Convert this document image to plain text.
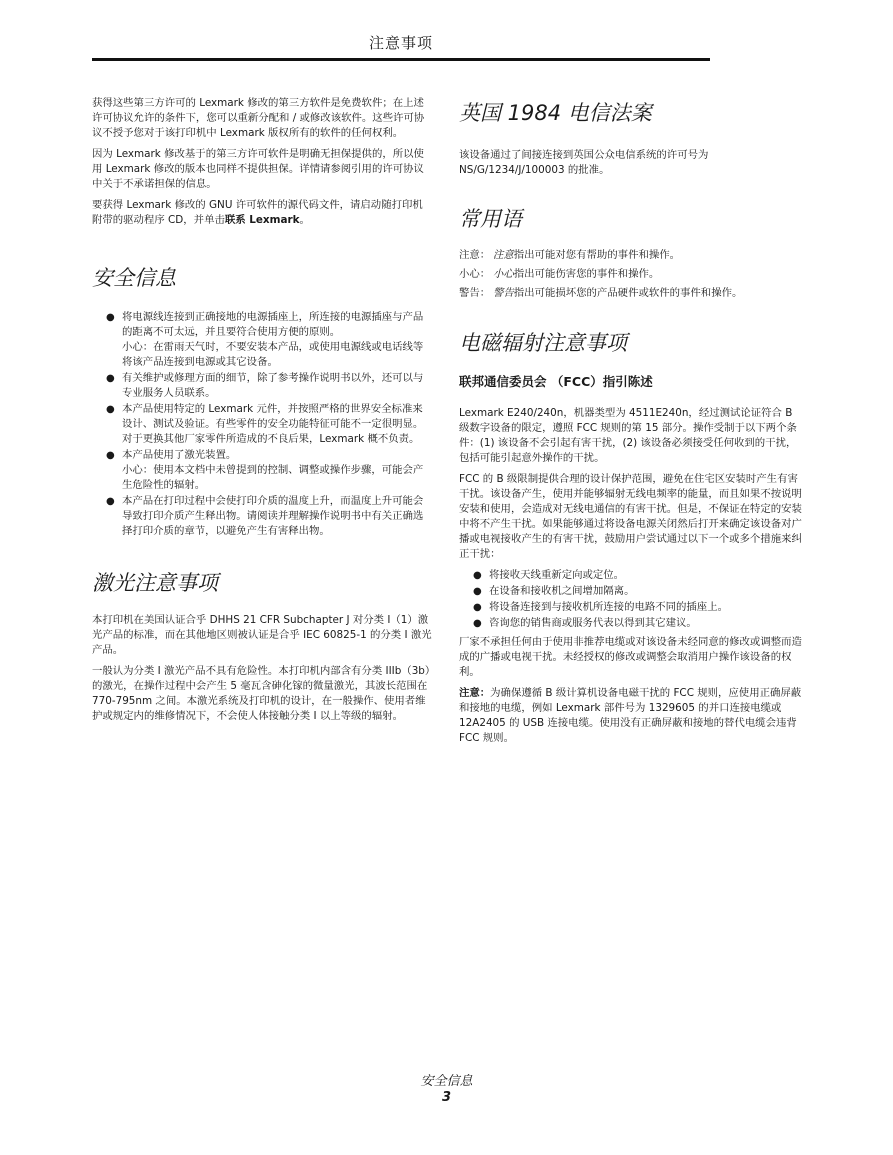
注意事项

获得这些第三方许可的 Lexmark 修改的第三方软件是免费软件；在上述许可协议允许的条件下，您可以重新分配和 / 或修改该软件。这些许可协议不授予您对于该打印机中 Lexmark 版权所有的软件的任何权利。

因为 Lexmark 修改基于的第三方许可软件是明确无担保提供的，所以使用 Lexmark 修改的版本也同样不提供担保。详情请参阅引用的许可协议中关于不承诺担保的信息。

要获得 Lexmark 修改的 GNU 许可软件的源代码文件，请启动随打印机附带的驱动程序 CD，并单击联系 Lexmark。

安全信息
● 将电源线连接到正确接地的电源插座上，所连接的电源插座与产品的距离不可太远，并且要符合使用方便的原则。
小心：在雷雨天气时，不要安装本产品，或使用电源线或电话线等将该产品连接到电源或其它设备。
● 有关维护或修理方面的细节，除了参考操作说明书以外，还可以与专业服务人员联系。
● 本产品使用特定的 Lexmark 元件，并按照严格的世界安全标准来设计、测试及验证。有些零件的安全功能特征可能不一定很明显。对于更换其他厂家零件所造成的不良后果，Lexmark 概不负责。
● 本产品使用了激光装置。
小心：使用本文档中未曾提到的控制、调整或操作步骤，可能会产生危险性的辐射。
● 本产品在打印过程中会使打印介质的温度上升，而温度上升可能会导致打印介质产生释出物。请阅读并理解操作说明书中有关正确选择打印介质的章节，以避免产生有害释出物。
激光注意事项

本打印机在美国认证合乎 DHHS 21 CFR Subchapter J 对分类 I（1）激光产品的标准，而在其他地区则被认证是合乎 IEC 60825-1 的分类 I 激光产品。

一般认为分类 I 激光产品不具有危险性。本打印机内部含有分类 IIIb（3b）的激光，在操作过程中会产生 5 毫瓦含砷化镓的微量激光，其波长范围在 770-795nm 之间。本激光系统及打印机的设计，在一般操作、使用者维护或规定内的维修情况下，不会使人体接触分类 I 以上等级的辐射。

英国 1984 电信法案

该设备通过了间接连接到英国公众电信系统的许可号为 NS/G/1234/J/100003 的批准。

常用语
注意： 注意指出可能对您有帮助的事件和操作。
小心： 小心指出可能伤害您的事件和操作。
警告： 警告指出可能损坏您的产品硬件或软件的事件和操作。
电磁辐射注意事项
联邦通信委员会 （FCC）指引陈述

Lexmark E240/240n，机器类型为 4511E240n，经过测试论证符合 B 级数字设备的限定，遵照 FCC 规则的第 15 部分。操作受制于以下两个条件：(1) 该设备不会引起有害干扰，(2) 该设备必须接受任何收到的干扰，包括可能引起意外操作的干扰。

FCC 的 B 级限制提供合理的设计保护范围，避免在住宅区安装时产生有害干扰。该设备产生，使用并能够辐射无线电频率的能量，而且如果不按说明安装和使用，会造成对无线电通信的有害干扰。但是，不保证在特定的安装中将不产生干扰。如果能够通过将设备电源关闭然后打开来确定该设备对广播或电视接收产生的有害干扰，鼓励用户尝试通过以下一个或多个措施来纠正干扰：

● 将接收天线重新定向或定位。
● 在设备和接收机之间增加隔离。
● 将设备连接到与接收机所连接的电路不同的插座上。
● 咨询您的销售商或服务代表以得到其它建议。

厂家不承担任何由于使用非推荐电缆或对该设备未经同意的修改或调整而造成的广播或电视干扰。未经授权的修改或调整会取消用户操作该设备的权利。

注意：为确保遵循 B 级计算机设备电磁干扰的 FCC 规则，应使用正确屏蔽和接地的电缆，例如 Lexmark 部件号为 1329605 的并口连接电缆或 12A2405 的 USB 连接电缆。使用没有正确屏蔽和接地的替代电缆会违背 FCC 规则。

安全信息
3
